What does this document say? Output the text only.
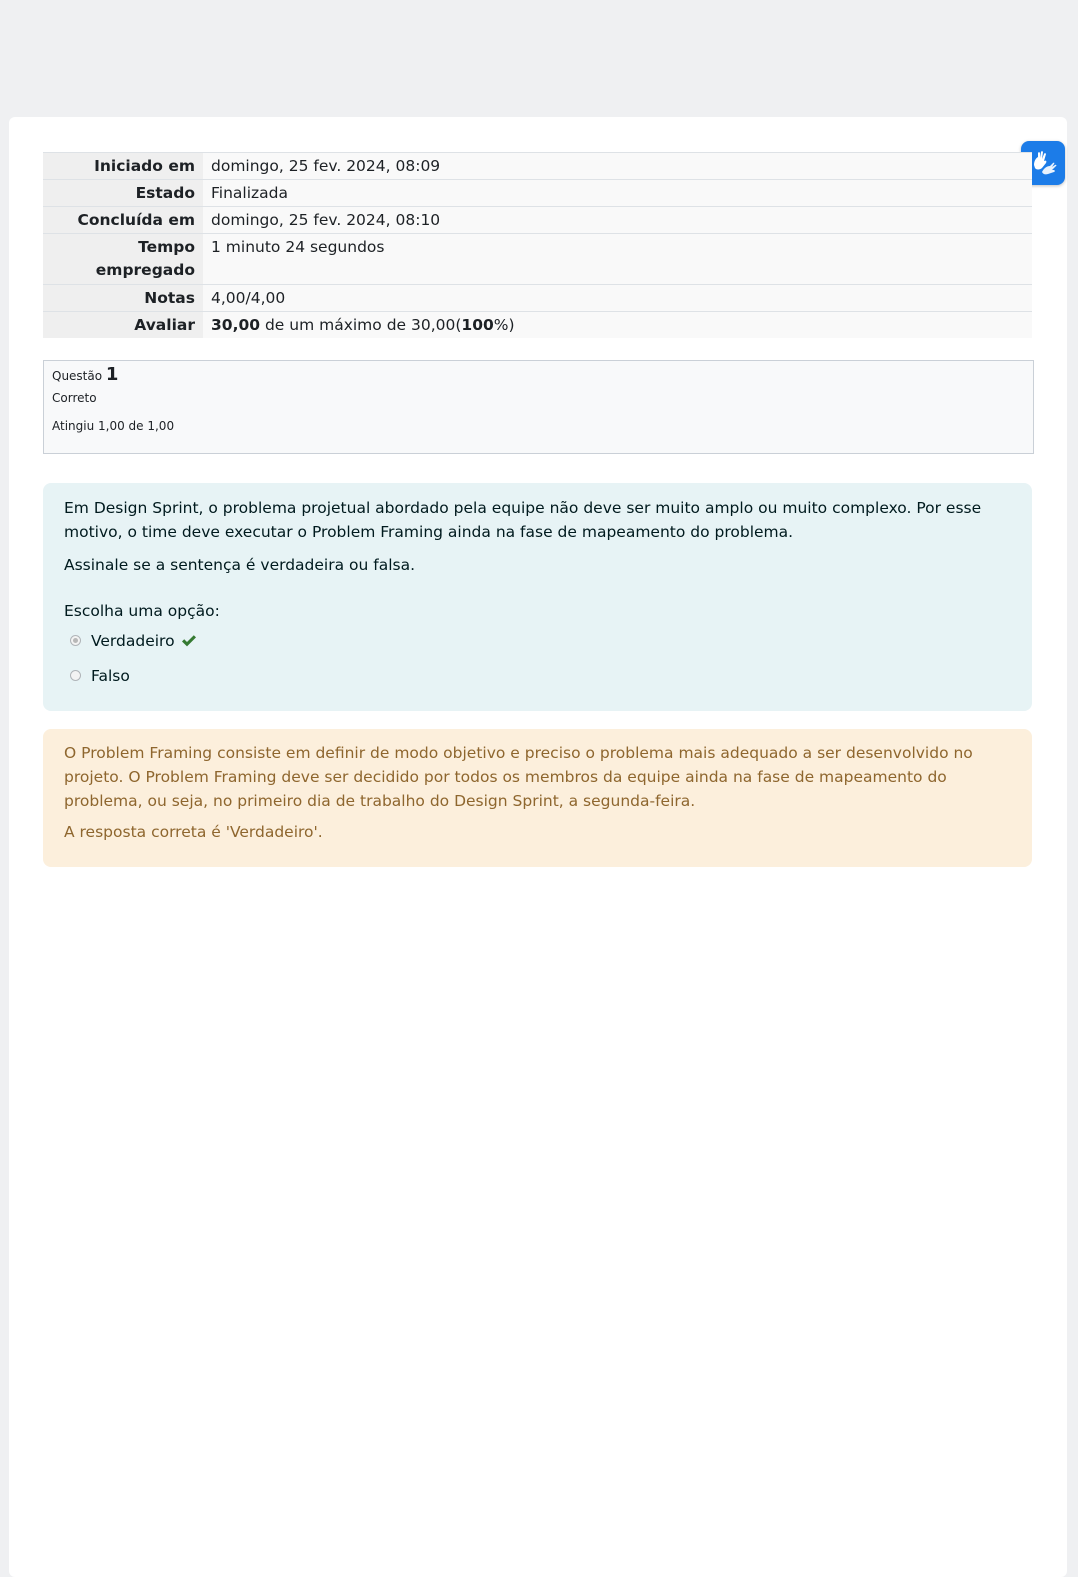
Iniciado em	domingo, 25 fev. 2024, 08:09
Estado	Finalizada
Concluída em	domingo, 25 fev. 2024, 08:10
Tempo empregado	1 minuto 24 segundos
Notas	4,00/4,00
Avaliar	30,00 de um máximo de 30,00(100%)
Questão 1
Correto
Atingiu 1,00 de 1,00

Em Design Sprint, o problema projetual abordado pela equipe não deve ser muito amplo ou muito complexo. Por esse motivo, o time deve executar o Problem Framing ainda na fase de mapeamento do problema.

Assinale se a sentença é verdadeira ou falsa.

Escolha uma opção:
Verdadeiro
Falso

O Problem Framing consiste em definir de modo objetivo e preciso o problema mais adequado a ser desenvolvido no projeto. O Problem Framing deve ser decidido por todos os membros da equipe ainda na fase de mapeamento do problema, ou seja, no primeiro dia de trabalho do Design Sprint, a segunda-feira.

A resposta correta é 'Verdadeiro'.
